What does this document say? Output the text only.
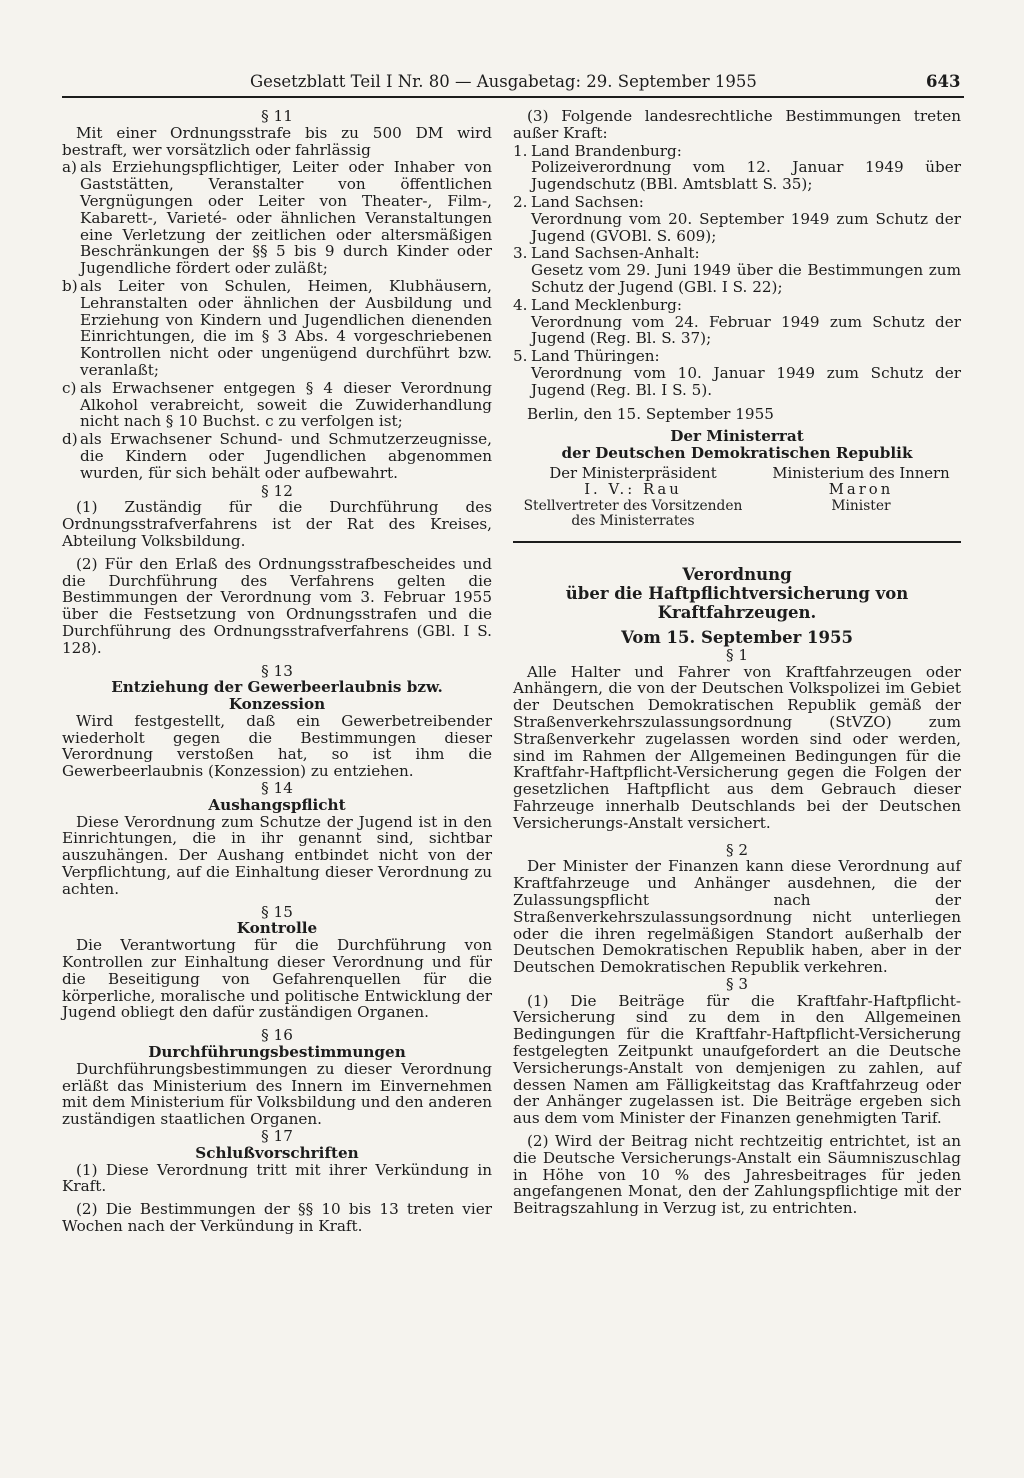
Gesetzblatt Teil I Nr. 80 — Ausgabetag: 29. September 1955	643

§ 11

Mit einer Ordnungsstrafe bis zu 500 DM wird bestraft, wer vorsätzlich oder fahrlässig

a) als Erziehungspflichtiger, Leiter oder Inhaber von Gaststätten, Veranstalter von öffentlichen Vergnügungen oder Leiter von Theater-, Film-, Kabarett-, Varieté- oder ähnlichen Veranstaltungen eine Verletzung der zeitlichen oder altersmäßigen Beschränkungen der §§ 5 bis 9 durch Kinder oder Jugendliche fördert oder zuläßt;
b) als Leiter von Schulen, Heimen, Klubhäusern, Lehranstalten oder ähnlichen der Ausbildung und Erziehung von Kindern und Jugendlichen dienenden Einrichtungen, die im § 3 Abs. 4 vorgeschriebenen Kontrollen nicht oder ungenügend durchführt bzw. veranlaßt;
c) als Erwachsener entgegen § 4 dieser Verordnung Alkohol verabreicht, soweit die Zuwiderhandlung nicht nach § 10 Buchst. c zu verfolgen ist;
d) als Erwachsener Schund- und Schmutzerzeugnisse, die Kindern oder Jugendlichen abgenommen wurden, für sich behält oder aufbewahrt.

§ 12

(1) Zuständig für die Durchführung des Ordnungsstrafverfahrens ist der Rat des Kreises, Abteilung Volksbildung.

(2) Für den Erlaß des Ordnungsstrafbescheides und die Durchführung des Verfahrens gelten die Bestimmungen der Verordnung vom 3. Februar 1955 über die Festsetzung von Ordnungsstrafen und die Durchführung des Ordnungsstrafverfahrens (GBl. I S. 128).

§ 13

Entziehung der Gewerbeerlaubnis bzw. Konzession

Wird festgestellt, daß ein Gewerbetreibender wiederholt gegen die Bestimmungen dieser Verordnung verstoßen hat, so ist ihm die Gewerbeerlaubnis (Konzession) zu entziehen.

§ 14

Aushangspflicht

Diese Verordnung zum Schutze der Jugend ist in den Einrichtungen, die in ihr genannt sind, sichtbar auszuhängen. Der Aushang entbindet nicht von der Verpflichtung, auf die Einhaltung dieser Verordnung zu achten.

§ 15

Kontrolle

Die Verantwortung für die Durchführung von Kontrollen zur Einhaltung dieser Verordnung und für die Beseitigung von Gefahrenquellen für die körperliche, moralische und politische Entwicklung der Jugend obliegt den dafür zuständigen Organen.

§ 16

Durchführungsbestimmungen

Durchführungsbestimmungen zu dieser Verordnung erläßt das Ministerium des Innern im Einvernehmen mit dem Ministerium für Volksbildung und den anderen zuständigen staatlichen Organen.

§ 17

Schlußvorschriften

(1) Diese Verordnung tritt mit ihrer Verkündung in Kraft.

(2) Die Bestimmungen der §§ 10 bis 13 treten vier Wochen nach der Verkündung in Kraft.

(3) Folgende landesrechtliche Bestimmungen treten außer Kraft:

1. Land Brandenburg:
Polizeiverordnung vom 12. Januar 1949 über Jugendschutz (BBl. Amtsblatt S. 35);
2. Land Sachsen:
Verordnung vom 20. September 1949 zum Schutz der Jugend (GVOBl. S. 609);
3. Land Sachsen-Anhalt:
Gesetz vom 29. Juni 1949 über die Bestimmungen zum Schutz der Jugend (GBl. I S. 22);
4. Land Mecklenburg:
Verordnung vom 24. Februar 1949 zum Schutz der Jugend (Reg. Bl. S. 37);
5. Land Thüringen:
Verordnung vom 10. Januar 1949 zum Schutz der Jugend (Reg. Bl. I S. 5).

Berlin, den 15. September 1955

Der Ministerrat

der Deutschen Demokratischen Republik

Der Ministerpräsident
I. V.: Rau
Stellvertreter des Vorsitzenden
des Ministerrates
Ministerium des Innern
Maron
Minister

Verordnung

über die Haftpflichtversicherung von

Kraftfahrzeugen.

Vom 15. September 1955

§ 1

Alle Halter und Fahrer von Kraftfahrzeugen oder Anhängern, die von der Deutschen Volkspolizei im Gebiet der Deutschen Demokratischen Republik gemäß der Straßenverkehrszulassungsordnung (StVZO) zum Straßenverkehr zugelassen worden sind oder werden, sind im Rahmen der Allgemeinen Bedingungen für die Kraftfahr-Haftpflicht-Versicherung gegen die Folgen der gesetzlichen Haftpflicht aus dem Gebrauch dieser Fahrzeuge innerhalb Deutschlands bei der Deutschen Versicherungs-Anstalt versichert.

§ 2

Der Minister der Finanzen kann diese Verordnung auf Kraftfahrzeuge und Anhänger ausdehnen, die der Zulassungspflicht nach der Straßenverkehrszulassungsordnung nicht unterliegen oder die ihren regelmäßigen Standort außerhalb der Deutschen Demokratischen Republik haben, aber in der Deutschen Demokratischen Republik verkehren.

§ 3

(1) Die Beiträge für die Kraftfahr-Haftpflicht-Versicherung sind zu dem in den Allgemeinen Bedingungen für die Kraftfahr-Haftpflicht-Versicherung festgelegten Zeitpunkt unaufgefordert an die Deutsche Versicherungs-Anstalt von demjenigen zu zahlen, auf dessen Namen am Fälligkeitstag das Kraftfahrzeug oder der Anhänger zugelassen ist. Die Beiträge ergeben sich aus dem vom Minister der Finanzen genehmigten Tarif.

(2) Wird der Beitrag nicht rechtzeitig entrichtet, ist an die Deutsche Versicherungs-Anstalt ein Säumniszuschlag in Höhe von 10 % des Jahresbeitrages für jeden angefangenen Monat, den der Zahlungspflichtige mit der Beitragszahlung in Verzug ist, zu entrichten.
